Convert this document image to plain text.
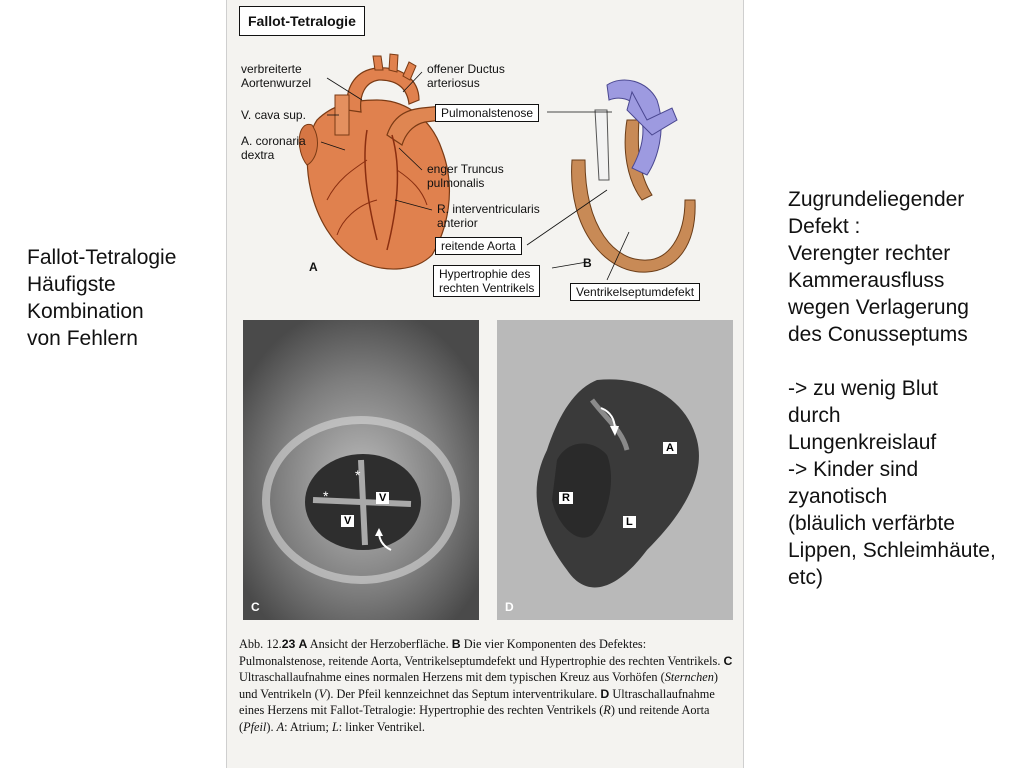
Fallot-Tetralogie
Häufigste
Kombination
von Fehlern
Zugrundeliegender
Defekt :
Verengter rechter
Kammerausfluss
wegen Verlagerung
des Conusseptums
-> zu wenig Blut
durch
Lungenkreislauf
-> Kinder sind
zyanotisch
(bläulich verfärbte
Lippen, Schleimhäute,
etc)
Fallot-Tetralogie
verbreiterte
Aortenwurzel
V. cava sup.
A. coronaria
dextra
offener Ductus
arteriosus
enger Truncus
pulmonalis
R. interventricularis
anterior
Pulmonalstenose
reitende Aorta
Hypertrophie des
rechten Ventrikels	Ventrikelseptumdefekt
A	B
*
*	V
V
C
R
L
A
D
Abb. 12.23 A Ansicht der Herzoberfläche. B Die vier Komponenten des Defektes: Pulmonalstenose, reitende Aorta, Ventrikelseptumdefekt und Hypertrophie des rechten Ventrikels. C Ultraschallaufnahme eines normalen Herzens mit dem typischen Kreuz aus Vorhöfen (Sternchen) und Ventrikeln (V). Der Pfeil kennzeichnet das Septum interventrikulare. D Ultraschallaufnahme eines Herzens mit Fallot-Tetralogie: Hypertrophie des rechten Ventrikels (R) und reitende Aorta (Pfeil). A: Atrium; L: linker Ventrikel.
